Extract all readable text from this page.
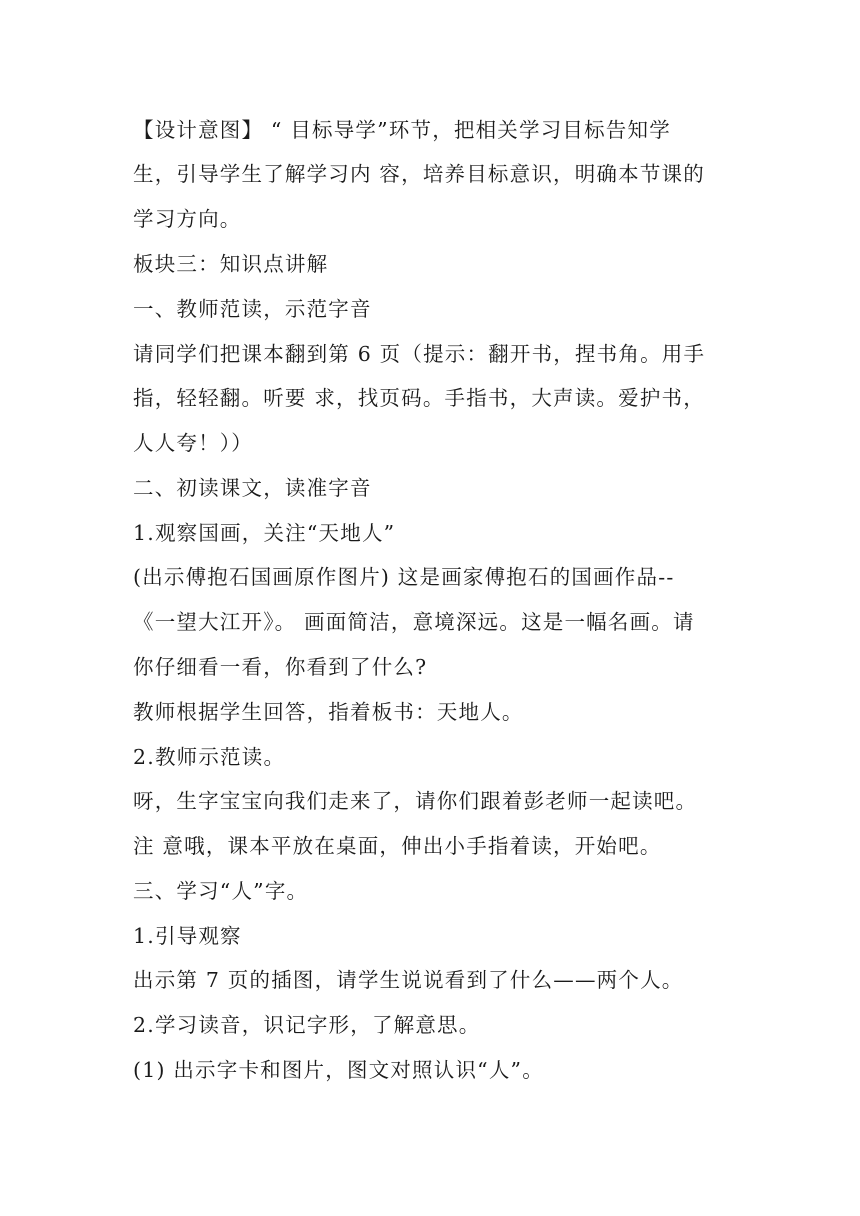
【设计意图】 “ 目标导学”环节，把相关学习目标告知学
生，引导学生了解学习内 容，培养目标意识，明确本节课的
学习方向。
板块三：知识点讲解
一、教师范读，示范字音
请同学们把课本翻到第 6 页（提示：翻开书，捏书角。用手
指，轻轻翻。听要 求，找页码。手指书，大声读。爱护书，
人人夸！））
二、初读课文，读准字音
1.观察国画，关注“天地人”
(出示傅抱石国画原作图片) 这是画家傅抱石的国画作品--
《一望大江开》。 画面简洁，意境深远。这是一幅名画。请
你仔细看一看，你看到了什么?
教师根据学生回答，指着板书：天地人。
2.教师示范读。
呀，生字宝宝向我们走来了，请你们跟着彭老师一起读吧。
注 意哦，课本平放在桌面，伸出小手指着读，开始吧。
三、学习“人”字。
1.引导观察
出示第 7 页的插图，请学生说说看到了什么——两个人。
2.学习读音，识记字形，了解意思。
(1) 出示字卡和图片，图文对照认识“人”。
